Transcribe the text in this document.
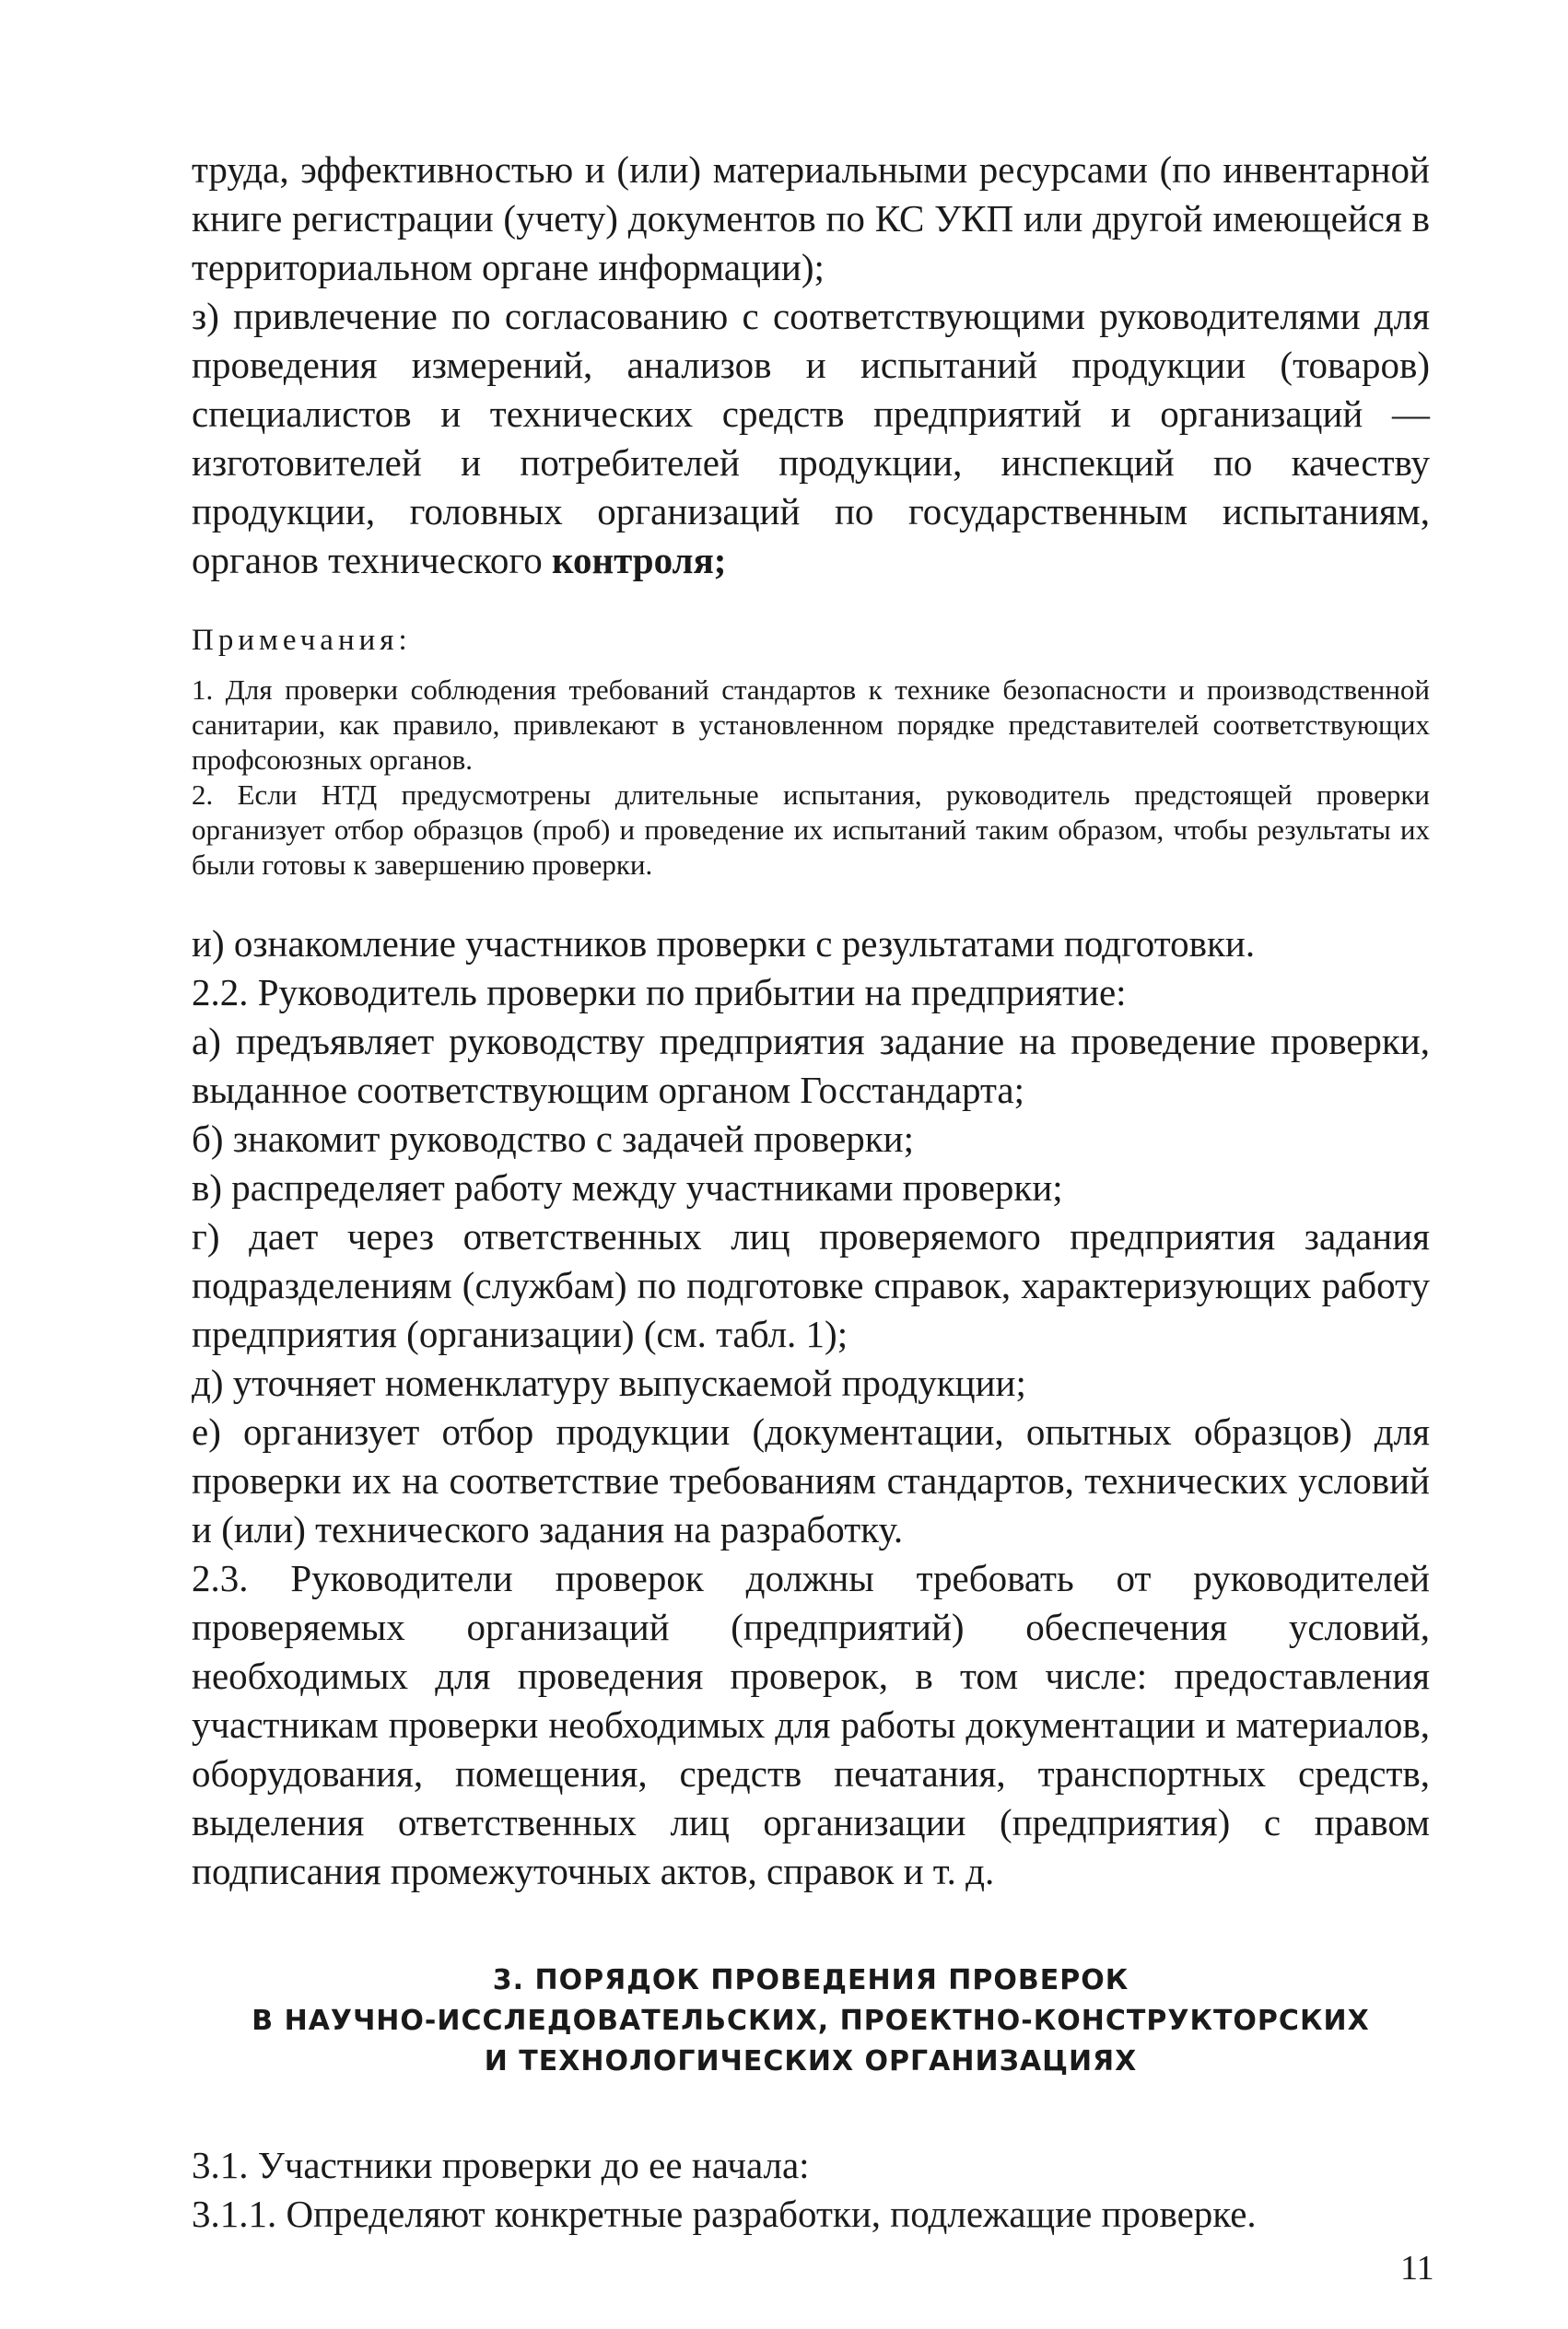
труда, эффективностью и (или) материальными ресурсами (по инвентарной книге регистрации (учету) документов по КС УКП или другой имеющейся в территориальном органе информации);

з) привлечение по согласованию с соответствующими руководителями для проведения измерений, анализов и испытаний продукции (товаров) специалистов и технических средств предприятий и организаций — изготовителей и потребителей продукции, инспекций по качеству продукции, головных организаций по государственным испытаниям, органов технического контроля;

Примечания:

1. Для проверки соблюдения требований стандартов к технике безопасности и производственной санитарии, как правило, привлекают в установленном порядке представителей соответствующих профсоюзных органов.

2. Если НТД предусмотрены длительные испытания, руководитель предстоящей проверки организует отбор образцов (проб) и проведение их испытаний таким образом, чтобы результаты их были готовы к завершению проверки.

и) ознакомление участников проверки с результатами подготовки.

2.2. Руководитель проверки по прибытии на предприятие:

а) предъявляет руководству предприятия задание на проведение проверки, выданное соответствующим органом Госстандарта;

б) знакомит руководство с задачей проверки;

в) распределяет работу между участниками проверки;

г) дает через ответственных лиц проверяемого предприятия задания подразделениям (службам) по подготовке справок, характеризующих работу предприятия (организации) (см. табл. 1);

д) уточняет номенклатуру выпускаемой продукции;

е) организует отбор продукции (документации, опытных образцов) для проверки их на соответствие требованиям стандартов, технических условий и (или) технического задания на разработку.

2.3. Руководители проверок должны требовать от руководителей проверяемых организаций (предприятий) обеспечения условий, необходимых для проведения проверок, в том числе: предоставления участникам проверки необходимых для работы документации и материалов, оборудования, помещения, средств печатания, транспортных средств, выделения ответственных лиц организации (предприятия) с правом подписания промежуточных актов, справок и т. д.

3. ПОРЯДОК ПРОВЕДЕНИЯ ПРОВЕРОК
В НАУЧНО-ИССЛЕДОВАТЕЛЬСКИХ, ПРОЕКТНО-КОНСТРУКТОРСКИХ
И ТЕХНОЛОГИЧЕСКИХ ОРГАНИЗАЦИЯХ

3.1. Участники проверки до ее начала:

3.1.1. Определяют конкретные разработки, подлежащие проверке.

11
